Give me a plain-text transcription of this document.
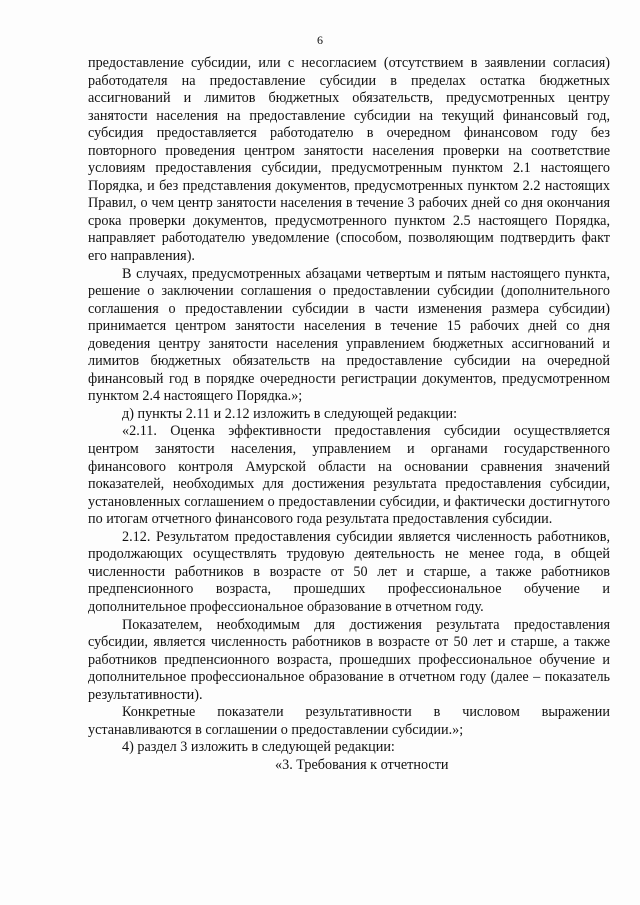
6

предоставление субсидии, или с несогласием (отсутствием в заявлении согласия) работодателя на предоставление субсидии в пределах остатка бюджетных ассигнований и лимитов бюджетных обязательств, предусмотренных центру занятости населения на предоставление субсидии на текущий финансовый год, субсидия предоставляется работодателю в очередном финансовом году без повторного проведения центром занятости населения проверки на соответствие условиям предоставления субсидии, предусмотренным пунктом 2.1 настоящего Порядка, и без представления документов, предусмотренных пунктом 2.2 настоящих Правил, о чем центр занятости населения в течение 3 рабочих дней со дня окончания срока проверки документов, предусмотренного пунктом 2.5 настоящего Порядка, направляет работодателю уведомление (способом, позволяющим подтвердить факт его направления).

В случаях, предусмотренных абзацами четвертым и пятым настоящего пункта, решение о заключении соглашения о предоставлении субсидии (дополнительного соглашения о предоставлении субсидии в части изменения размера субсидии) принимается центром занятости населения в течение 15 рабочих дней со дня доведения центру занятости населения управлением бюджетных ассигнований и лимитов бюджетных обязательств на предоставление субсидии на очередной финансовый год в порядке очередности регистрации документов, предусмотренном пунктом 2.4 настоящего Порядка.»;

д) пункты 2.11 и 2.12 изложить в следующей редакции:

«2.11. Оценка эффективности предоставления субсидии осуществляется центром занятости населения, управлением и органами государственного финансового контроля Амурской области на основании сравнения значений показателей, необходимых для достижения результата предоставления субсидии, установленных соглашением о предоставлении субсидии, и фактически достигнутого по итогам отчетного финансового года результата предоставления субсидии.

2.12. Результатом предоставления субсидии является численность работников, продолжающих осуществлять трудовую деятельность не менее года, в общей численности работников в возрасте от 50 лет и старше, а также работников предпенсионного возраста, прошедших профессиональное обучение и дополнительное профессиональное образование в отчетном году.

Показателем, необходимым для достижения результата предоставления субсидии, является численность работников в возрасте от 50 лет и старше, а также работников предпенсионного возраста, прошедших профессиональное обучение и дополнительное профессиональное образование в отчетном году (далее – показатель результативности).

Конкретные показатели результативности в числовом выражении устанавливаются в соглашении о предоставлении субсидии.»;

4) раздел 3 изложить в следующей редакции:

«3. Требования к отчетности
